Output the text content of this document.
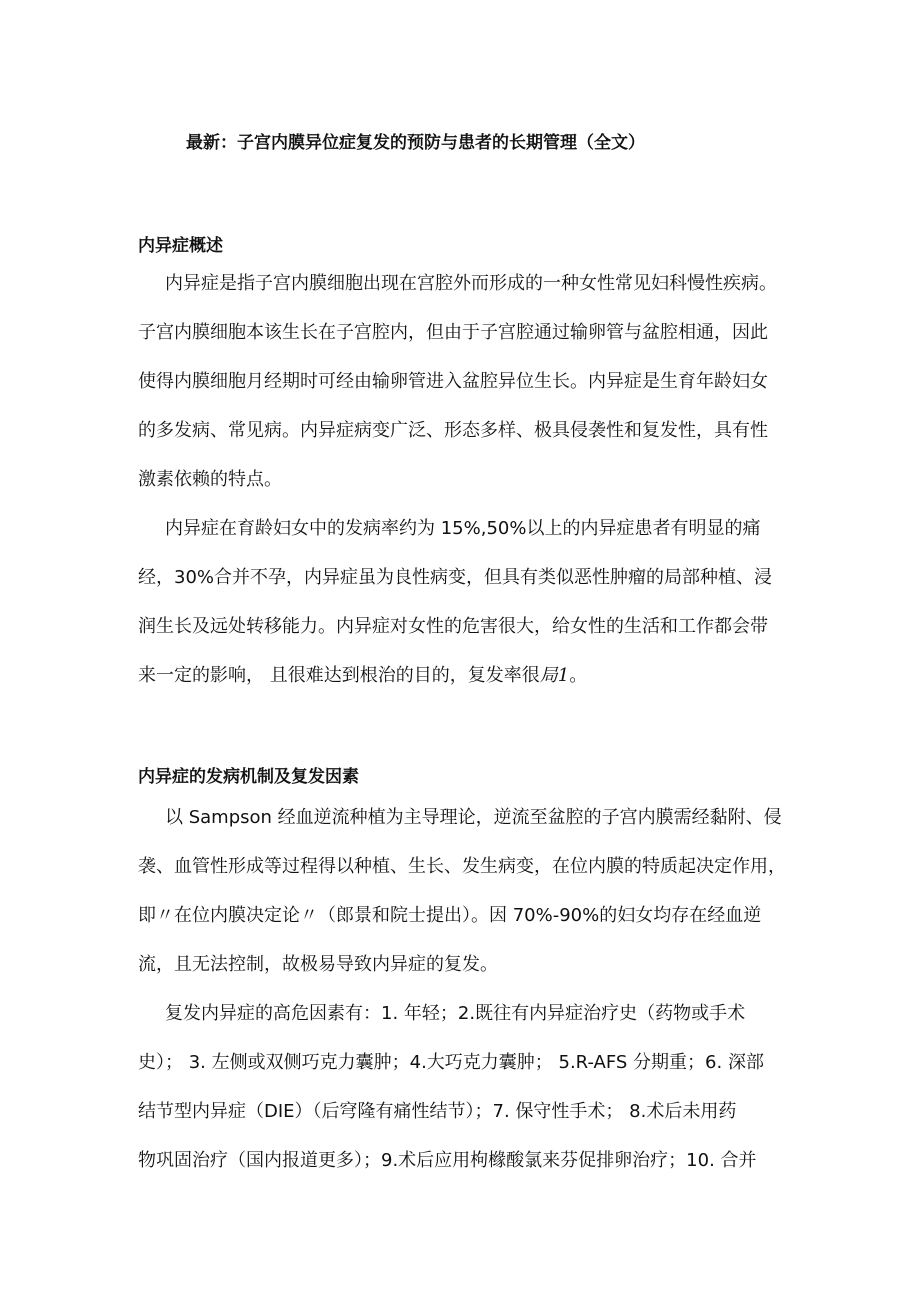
最新：子宫内膜异位症复发的预防与患者的长期管理（全文）
内异症概述
内异症是指子宫内膜细胞出现在宫腔外而形成的一种女性常见妇科慢性疾病。
子宫内膜细胞本该生长在子宫腔内，但由于子宫腔通过输卵管与盆腔相通，因此
使得内膜细胞月经期时可经由输卵管进入盆腔异位生长。内异症是生育年龄妇女
的多发病、常见病。内异症病变广泛、形态多样、极具侵袭性和复发性，具有性
激素依赖的特点。
内异症在育龄妇女中的发病率约为 15%,50%以上的内异症患者有明显的痛
经，30%合并不孕，内异症虽为良性病变，但具有类似恶性肿瘤的局部种植、浸
润生长及远处转移能力。内异症对女性的危害很大，给女性的生活和工作都会带
来一定的影响， 且很难达到根治的目的，复发率很局1。
内异症的发病机制及复发因素
以 Sampson 经血逆流种植为主导理论，逆流至盆腔的子宫内膜需经黏附、侵
袭、血管性形成等过程得以种植、生长、发生病变，在位内膜的特质起决定作用，
即〃在位内膜决定论〃（郎景和院士提出）。因 70%-90%的妇女均存在经血逆
流，且无法控制，故极易导致内异症的复发。
复发内异症的高危因素有：1. 年轻；2.既往有内异症治疗史（药物或手术
史）； 3. 左侧或双侧巧克力囊肿；4.大巧克力囊肿； 5.R-AFS 分期重；6. 深部
结节型内异症（DIE）（后穹隆有痛性结节）；7. 保守性手术； 8.术后未用药
物巩固治疗（国内报道更多）；9.术后应用枸橼酸氯来芬促排卵治疗；10. 合并
